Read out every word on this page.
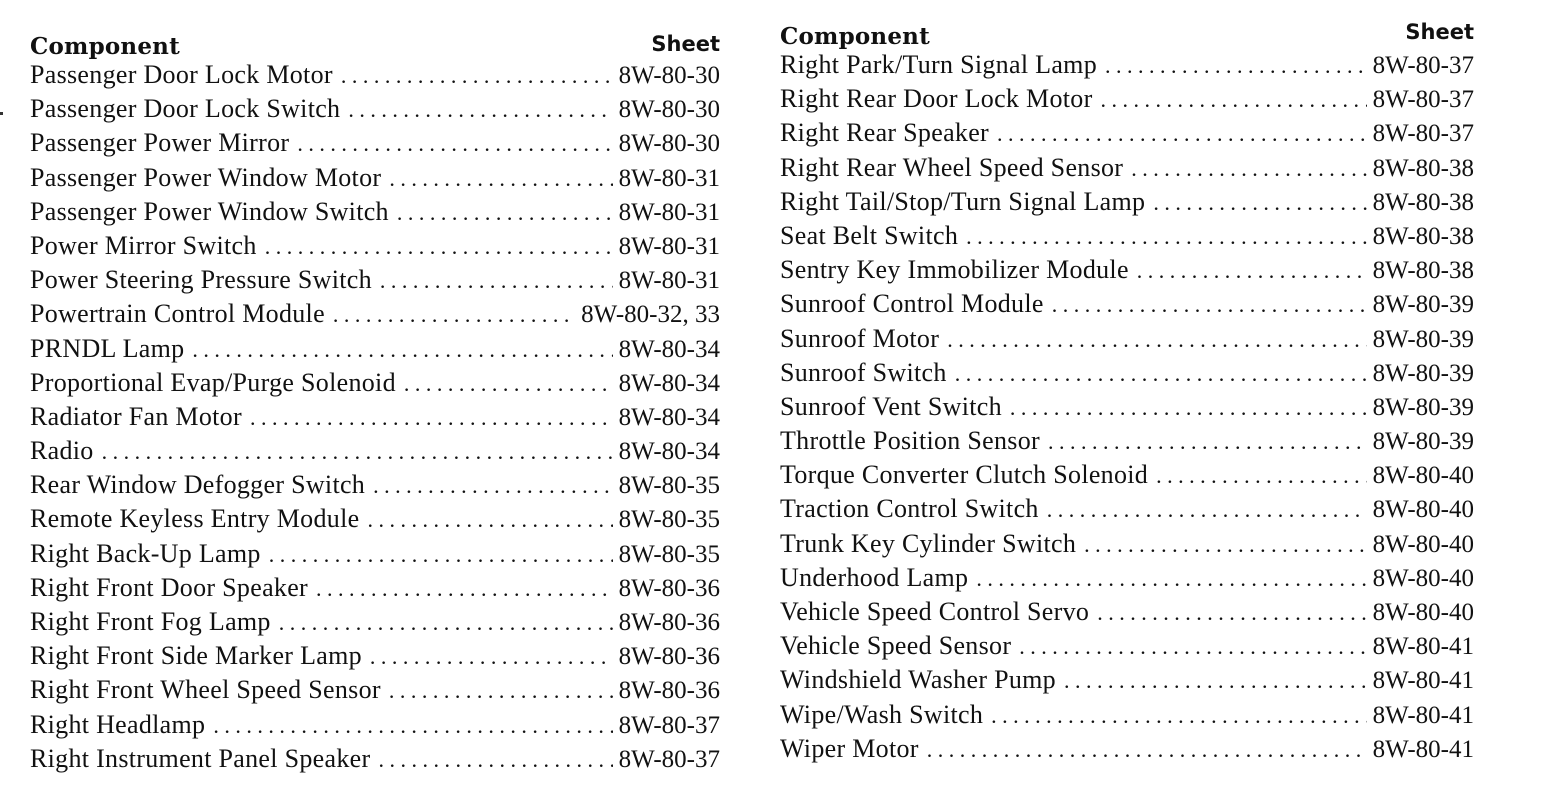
Component	Sheet
Passenger Door Lock Motor .....	8W-80-30
Passenger Door Lock Switch .....	8W-80-30
Passenger Power Mirror .....	8W-80-30
Passenger Power Window Motor .....	8W-80-31
Passenger Power Window Switch .....	8W-80-31
Power Mirror Switch .....	8W-80-31
Power Steering Pressure Switch .....	8W-80-31
Powertrain Control Module .....	8W-80-32, 33
PRNDL Lamp .....	8W-80-34
Proportional Evap/Purge Solenoid .....	8W-80-34
Radiator Fan Motor .....	8W-80-34
Radio .....	8W-80-34
Rear Window Defogger Switch .....	8W-80-35
Remote Keyless Entry Module .....	8W-80-35
Right Back-Up Lamp .....	8W-80-35
Right Front Door Speaker .....	8W-80-36
Right Front Fog Lamp .....	8W-80-36
Right Front Side Marker Lamp .....	8W-80-36
Right Front Wheel Speed Sensor .....	8W-80-36
Right Headlamp .....	8W-80-37
Right Instrument Panel Speaker .....	8W-80-37
Component	Sheet
Right Park/Turn Signal Lamp .....	8W-80-37
Right Rear Door Lock Motor .....	8W-80-37
Right Rear Speaker .....	8W-80-37
Right Rear Wheel Speed Sensor .....	8W-80-38
Right Tail/Stop/Turn Signal Lamp .....	8W-80-38
Seat Belt Switch .....	8W-80-38
Sentry Key Immobilizer Module .....	8W-80-38
Sunroof Control Module .....	8W-80-39
Sunroof Motor .....	8W-80-39
Sunroof Switch .....	8W-80-39
Sunroof Vent Switch .....	8W-80-39
Throttle Position Sensor .....	8W-80-39
Torque Converter Clutch Solenoid .....	8W-80-40
Traction Control Switch .....	8W-80-40
Trunk Key Cylinder Switch .....	8W-80-40
Underhood Lamp .....	8W-80-40
Vehicle Speed Control Servo .....	8W-80-40
Vehicle Speed Sensor .....	8W-80-41
Windshield Washer Pump .....	8W-80-41
Wipe/Wash Switch .....	8W-80-41
Wiper Motor .....	8W-80-41
